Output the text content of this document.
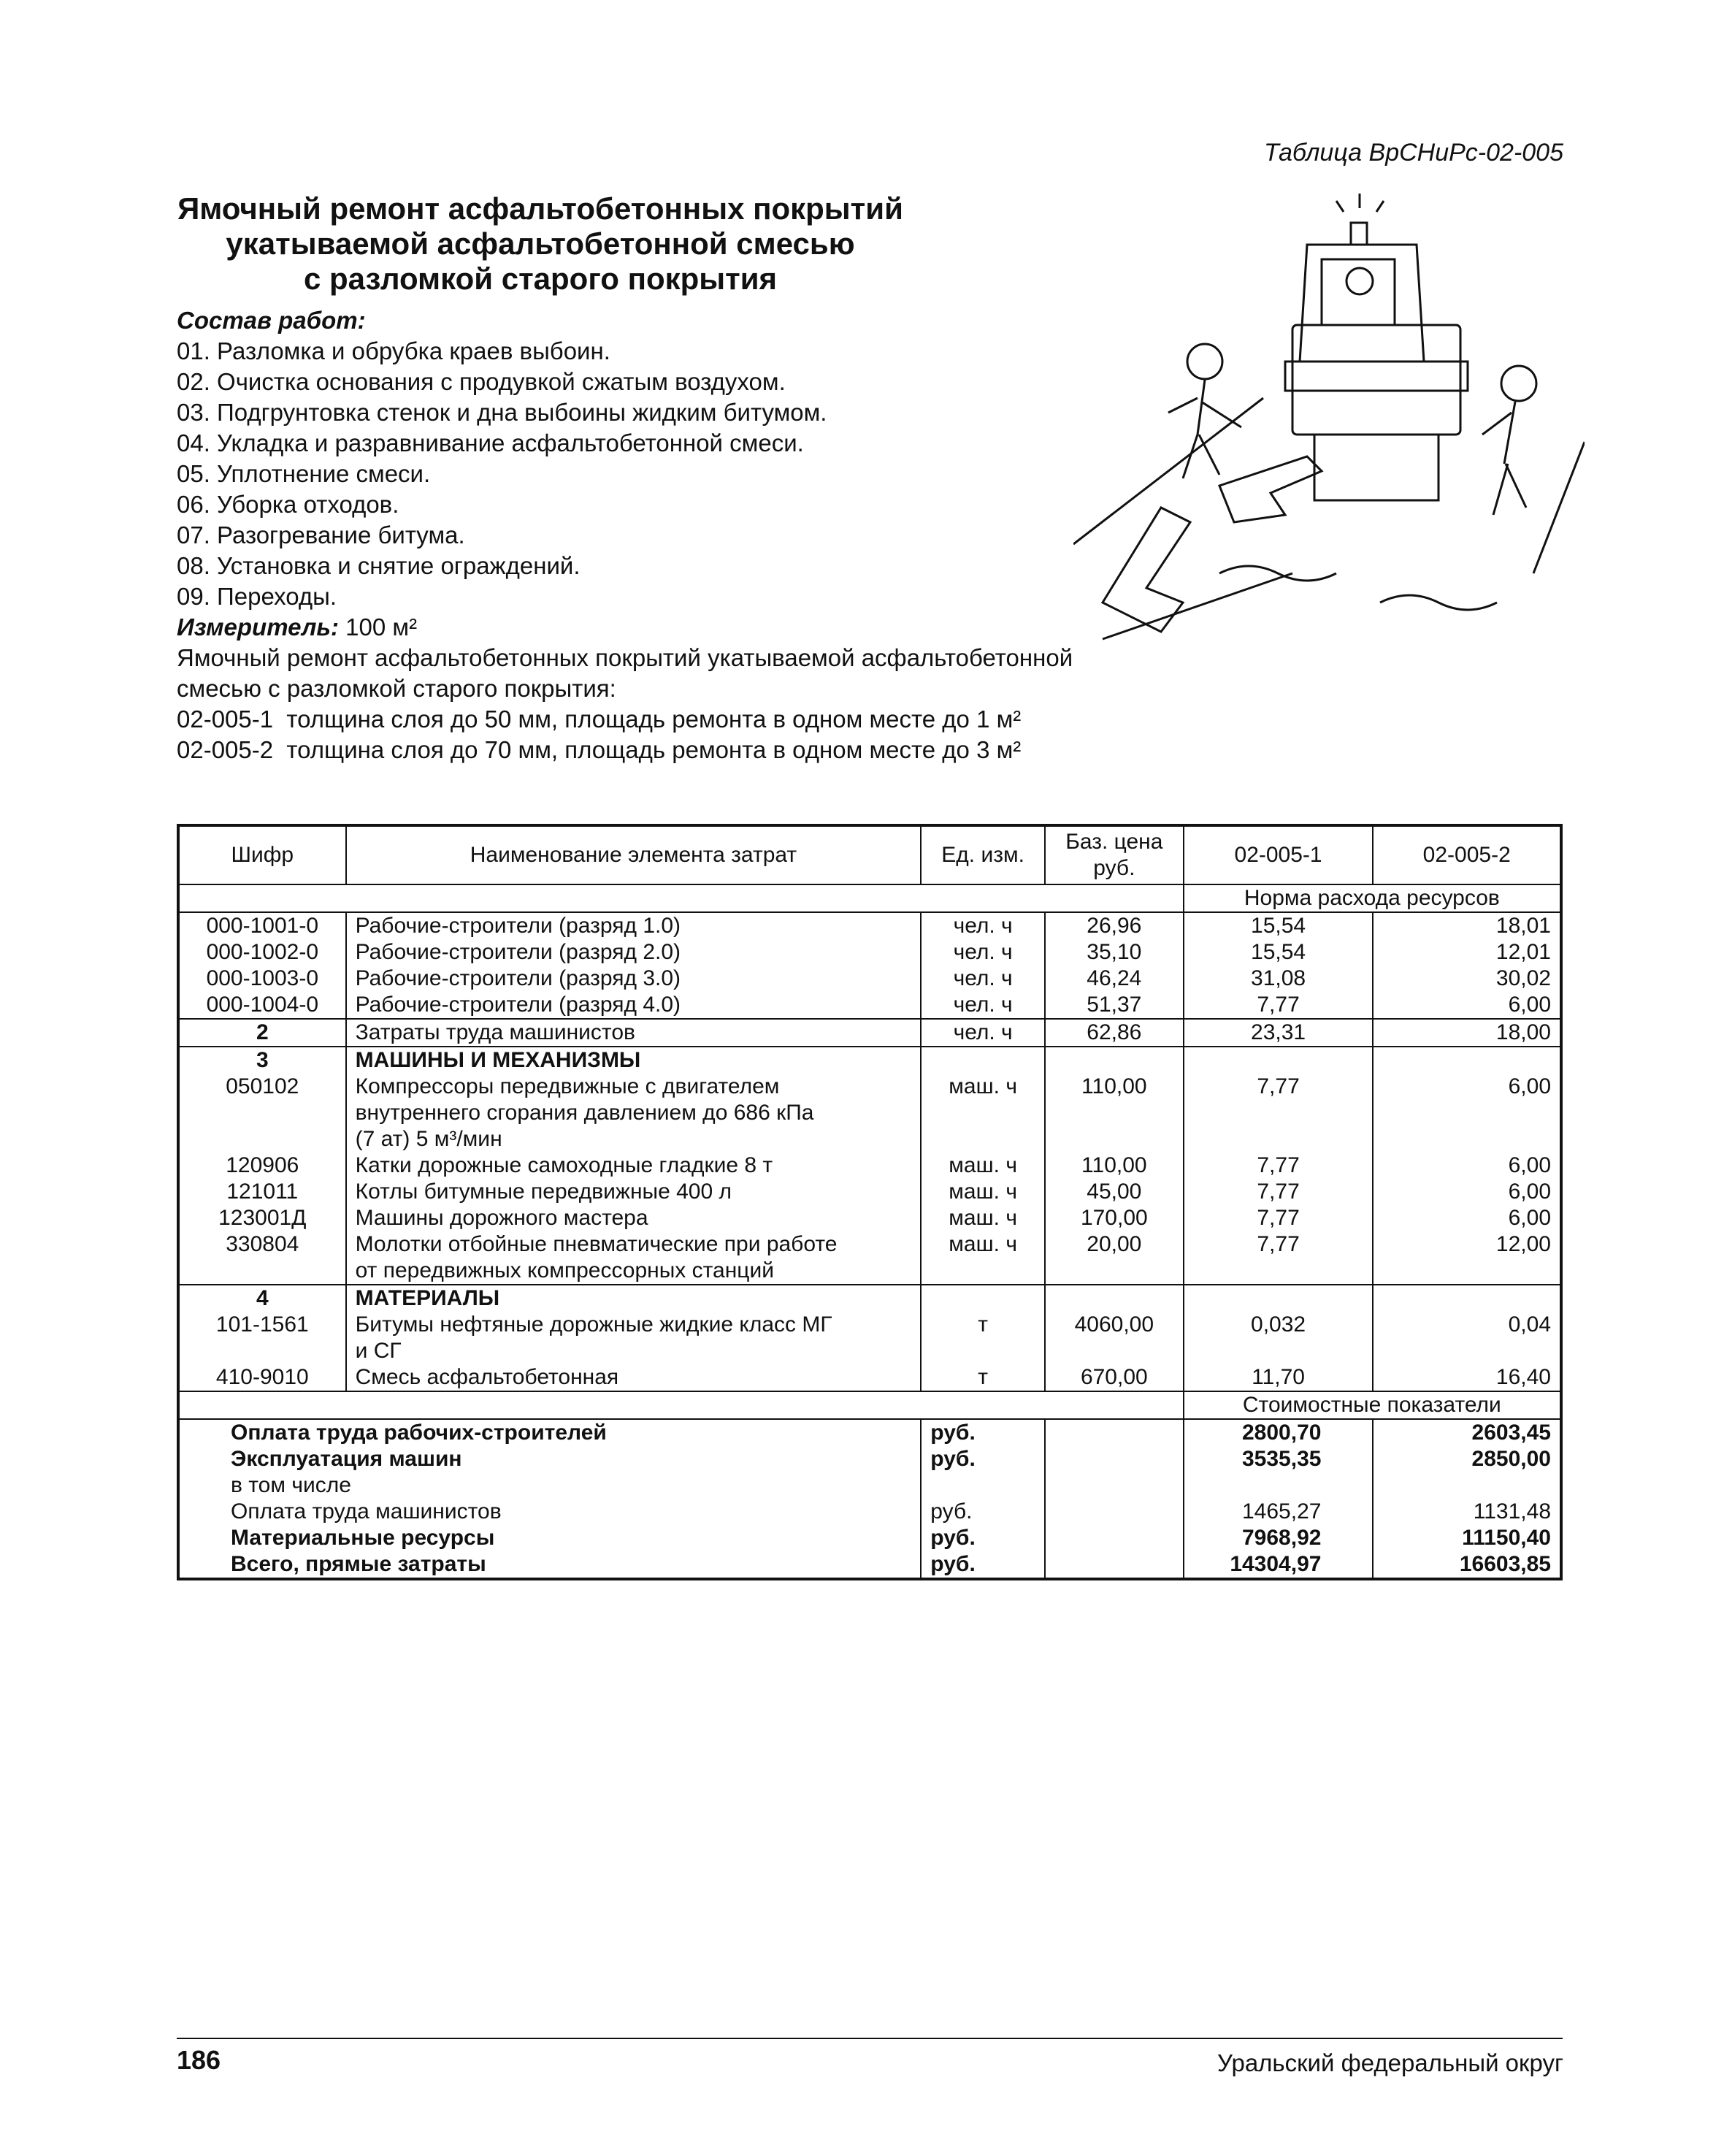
Таблица ВрСНиРс-02-005
Ямочный ремонт асфальтобетонных покрытий
укатываемой асфальтобетонной смесью
с разломкой старого покрытия
Состав работ:
01. Разломка и обрубка краев выбоин.
02. Очистка основания с продувкой сжатым воздухом.
03. Подгрунтовка стенок и дна выбоины жидким битумом.
04. Укладка и разравнивание асфальтобетонной смеси.
05. Уплотнение смеси.
06. Уборка отходов.
07. Разогревание битума.
08. Установка и снятие ограждений.
09. Переходы.
Измеритель: 100 м²
Ямочный ремонт асфальтобетонных покрытий укатываемой асфальтобетонной
смесью с разломкой старого покрытия:
02-005-1  толщина слоя до 50 мм, площадь ремонта в одном месте до 1 м²
02-005-2  толщина слоя до 70 мм, площадь ремонта в одном месте до 3 м²
Шифр	Наименование элемента затрат	Ед. изм.	Баз. цена руб.	02-005-1	02-005-2
				Норма расхода ресурсов	
000-1001-0	Рабочие-строители (разряд 1.0)	чел. ч	26,96	15,54	18,01
000-1002-0	Рабочие-строители (разряд 2.0)	чел. ч	35,10	15,54	12,01
000-1003-0	Рабочие-строители (разряд 3.0)	чел. ч	46,24	31,08	30,02
000-1004-0	Рабочие-строители (разряд 4.0)	чел. ч	51,37	7,77	6,00
2	Затраты труда машинистов	чел. ч	62,86	23,31	18,00
3	МАШИНЫ И МЕХАНИЗМЫ				
050102	Компрессоры передвижные с двигателем
внутреннего сгорания давлением до 686 кПа
(7 ат) 5 м³/мин	маш. ч	110,00	7,77	6,00
120906	Катки дорожные самоходные гладкие 8 т	маш. ч	110,00	7,77	6,00
121011	Котлы битумные передвижные 400 л	маш. ч	45,00	7,77	6,00
123001Д	Машины дорожного мастера	маш. ч	170,00	7,77	6,00
330804	Молотки отбойные пневматические при работе
от передвижных компрессорных станций	маш. ч	20,00	7,77	12,00
4	МАТЕРИАЛЫ				
101-1561	Битумы нефтяные дорожные жидкие класс МГ
и СГ	т	4060,00	0,032	0,04
410-9010	Смесь асфальтобетонная	т	670,00	11,70	16,40
				Стоимостные показатели	
Оплата труда рабочих-строителей		руб.		2800,70	2603,45
Эксплуатация машин		руб.		3535,35	2850,00
в том числе					
Оплата труда машинистов		руб.		1465,27	1131,48
Материальные ресурсы		руб.		7968,92	11150,40
Всего, прямые затраты		руб.		14304,97	16603,85
186	Уральский федеральный округ
